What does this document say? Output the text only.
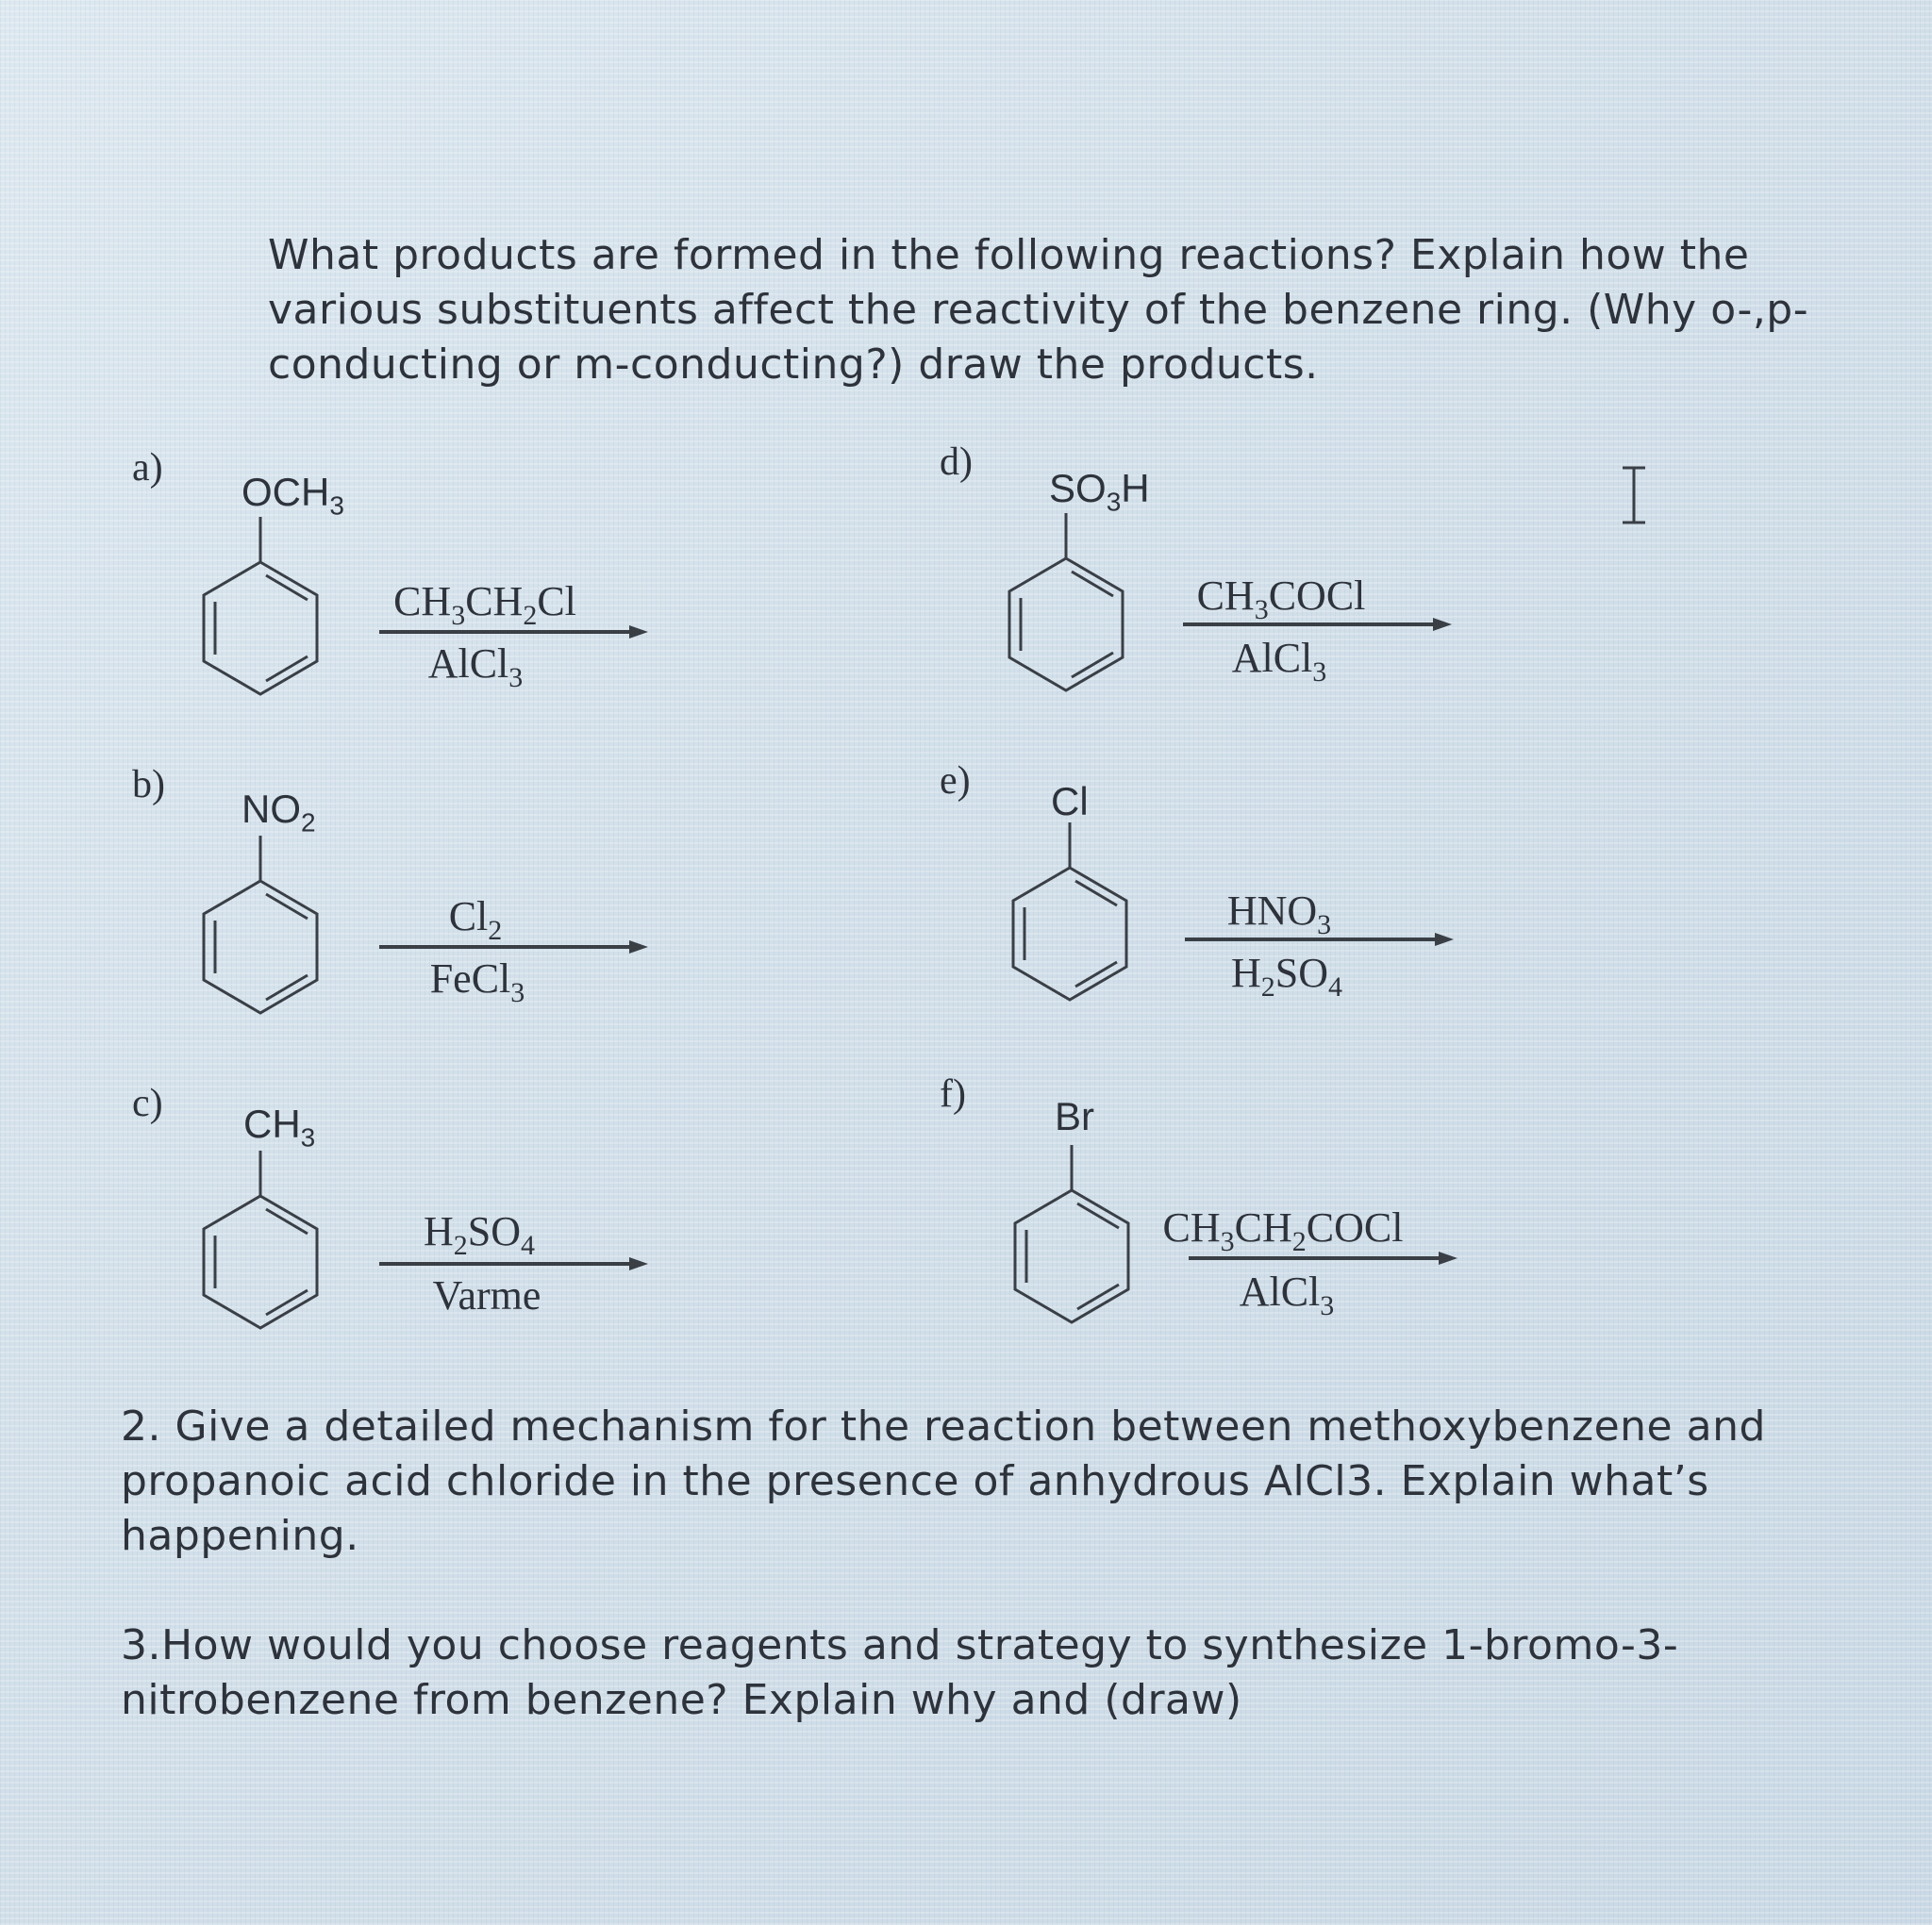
What products are formed in the following reactions? Explain how the various substituents affect the reactivity of the benzene ring. (Why o-,p-conducting or m-conducting?) draw the products.
a)
$OCH_3$
$CH_3CH_2Cl$
AlCl$_3$
b)
$NO_2$
$Cl_2$
FeCl$_3$
c) $CH_3$
$H_2SO_4$
Varme
d)
$SO_3H$
$CH_3COCl$
AlCl$_3$
e) Cl
$HNO_3$
$H_2SO_4$
f) Br
$CH_3CH_2COCl$
AlCl$_3$
2. Give a detailed mechanism for the reaction between methoxybenzene and propanoic acid chloride in the presence of anhydrous AlCl3. Explain what’s happening.
3.How would you choose reagents and strategy to synthesize 1-bromo-3-nitrobenzene from benzene? Explain why and (draw)
